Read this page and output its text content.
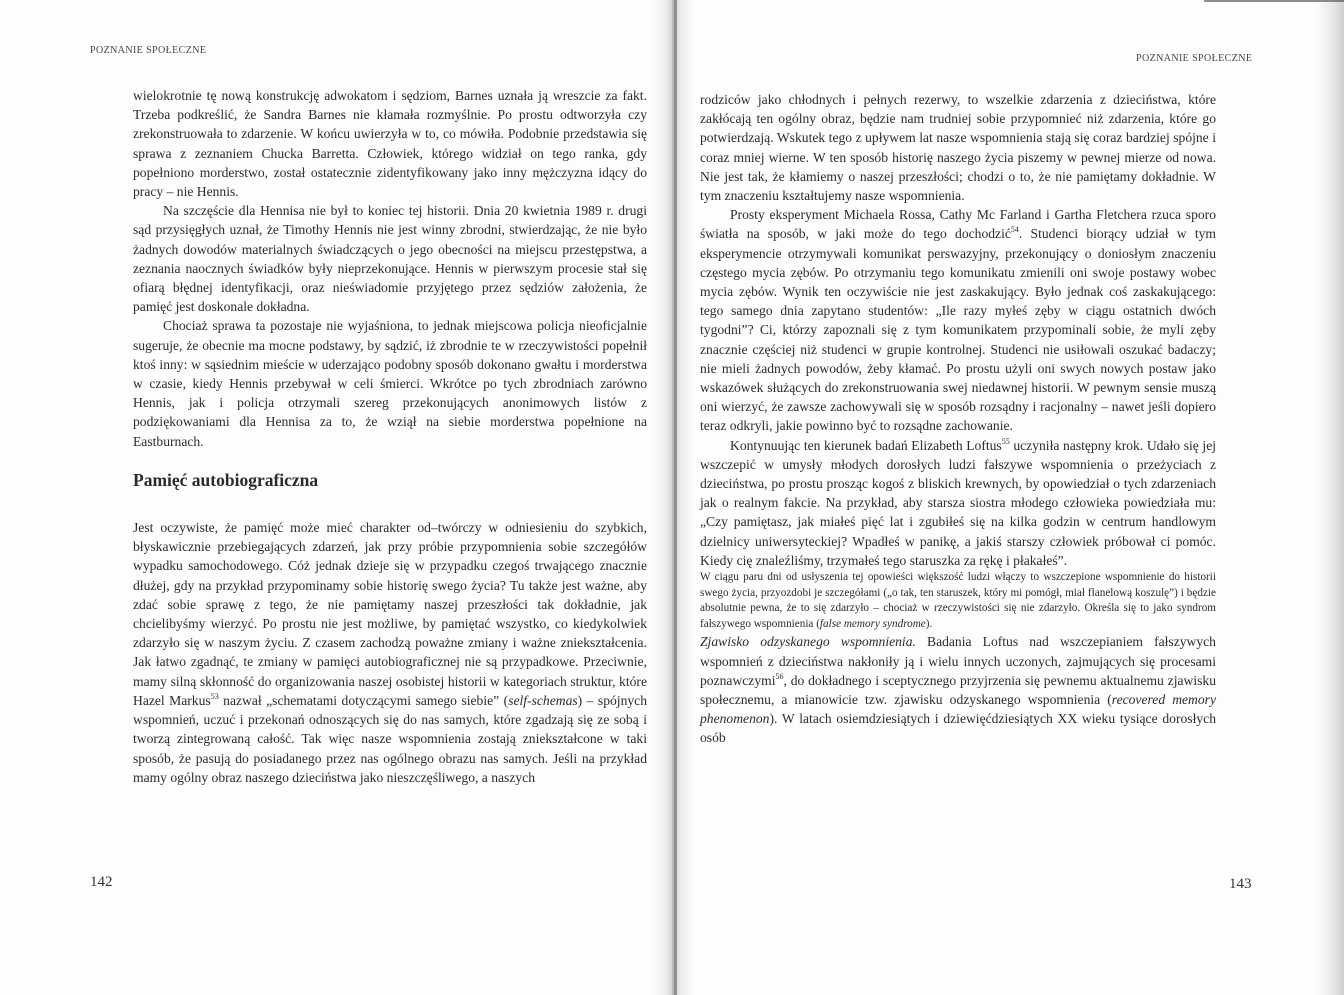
POZNANIE SPOŁECZNE

wielokrotnie tę nową konstrukcję adwokatom i sędziom, Barnes uznała ją wreszcie za fakt. Trzeba podkreślić, że Sandra Barnes nie kłamała rozmyślnie. Po prostu odtworzyła czy zrekonstruowała to zdarzenie. W końcu uwierzyła w to, co mówiła. Podobnie przedstawia się sprawa z zeznaniem Chucka Barretta. Człowiek, którego widział on tego ranka, gdy popełniono morderstwo, został ostatecznie zidentyfikowany jako inny mężczyzna idący do pracy – nie Hennis.

Na szczęście dla Hennisa nie był to koniec tej historii. Dnia 20 kwietnia 1989 r. drugi sąd przysięgłych uznał, że Timothy Hennis nie jest winny zbrodni, stwierdzając, że nie było żadnych dowodów materialnych świadczących o jego obecności na miejscu przestępstwa, a zeznania naocznych świadków były nieprzekonujące. Hennis w pierwszym procesie stał się ofiarą błędnej identyfikacji, oraz nieświadomie przyjętego przez sędziów założenia, że pamięć jest doskonale dokładna.

Chociaż sprawa ta pozostaje nie wyjaśniona, to jednak miejscowa policja nieoficjalnie sugeruje, że obecnie ma mocne podstawy, by sądzić, iż zbrodnie te w rzeczywistości popełnił ktoś inny: w sąsiednim mieście w uderzająco podobny sposób dokonano gwałtu i morderstwa w czasie, kiedy Hennis przebywał w celi śmierci. Wkrótce po tych zbrodniach zarówno Hennis, jak i policja otrzymali szereg przekonujących anonimowych listów z podziękowaniami dla Hennisa za to, że wziął na siebie morderstwa popełnione na Eastburnach.

Pamięć autobiograficzna

Jest oczywiste, że pamięć może mieć charakter od–twórczy w odniesieniu do szybkich, błyskawicznie przebiegających zdarzeń, jak przy próbie przypomnienia sobie szczegółów wypadku samochodowego. Cóż jednak dzieje się w przypadku czegoś trwającego znacznie dłużej, gdy na przykład przypominamy sobie historię swego życia? Tu także jest ważne, aby zdać sobie sprawę z tego, że nie pamiętamy naszej przeszłości tak dokładnie, jak chcielibyśmy wierzyć. Po prostu nie jest możliwe, by pamiętać wszystko, co kiedykolwiek zdarzyło się w naszym życiu. Z czasem zachodzą poważne zmiany i ważne zniekształcenia. Jak łatwo zgadnąć, te zmiany w pamięci autobiograficznej nie są przypadkowe. Przeciwnie, mamy silną skłonność do organizowania naszej osobistej historii w kategoriach struktur, które Hazel Markus$^{53}$ nazwał „schematami dotyczącymi samego siebie” (self-schemas) – spójnych wspomnień, uczuć i przekonań odnoszących się do nas samych, które zgadzają się ze sobą i tworzą zintegrowaną całość. Tak więc nasze wspomnienia zostają zniekształcone w taki sposób, że pasują do posiadanego przez nas ogólnego obrazu nas samych. Jeśli na przykład mamy ogólny obraz naszego dzieciństwa jako nieszczęśliwego, a naszych

142
POZNANIE SPOŁECZNE

rodziców jako chłodnych i pełnych rezerwy, to wszelkie zdarzenia z dzieciństwa, które zakłócają ten ogólny obraz, będzie nam trudniej sobie przypomnieć niż zdarzenia, które go potwierdzają. Wskutek tego z upływem lat nasze wspomnienia stają się coraz bardziej spójne i coraz mniej wierne. W ten sposób historię naszego życia piszemy w pewnej mierze od nowa. Nie jest tak, że kłamiemy o naszej przeszłości; chodzi o to, że nie pamiętamy dokładnie. W tym znaczeniu kształtujemy nasze wspomnienia.

Prosty eksperyment Michaela Rossa, Cathy Mc Farland i Gartha Fletchera rzuca sporo światła na sposób, w jaki może do tego dochodzić$^{54}$. Studenci biorący udział w tym eksperymencie otrzymywali komunikat perswazyjny, przekonujący o doniosłym znaczeniu częstego mycia zębów. Po otrzymaniu tego komunikatu zmienili oni swoje postawy wobec mycia zębów. Wynik ten oczywiście nie jest zaskakujący. Było jednak coś zaskakującego: tego samego dnia zapytano studentów: „Ile razy myłeś zęby w ciągu ostatnich dwóch tygodni”? Ci, którzy zapoznali się z tym komunikatem przypominali sobie, że myli zęby znacznie częściej niż studenci w grupie kontrolnej. Studenci nie usiłowali oszukać badaczy; nie mieli żadnych powodów, żeby kłamać. Po prostu użyli oni swych nowych postaw jako wskazówek służących do zrekonstruowania swej niedawnej historii. W pewnym sensie muszą oni wierzyć, że zawsze zachowywali się w sposób rozsądny i racjonalny – nawet jeśli dopiero teraz odkryli, jakie powinno być to rozsądne zachowanie.

Kontynuując ten kierunek badań Elizabeth Loftus$^{55}$ uczyniła następny krok. Udało się jej wszczepić w umysły młodych dorosłych ludzi fałszywe wspomnienia o przeżyciach z dzieciństwa, po prostu prosząc kogoś z bliskich krewnych, by opowiedział o tych zdarzeniach jak o realnym fakcie. Na przykład, aby starsza siostra młodego człowieka powiedziała mu: „Czy pamiętasz, jak miałeś pięć lat i zgubiłeś się na kilka godzin w centrum handlowym dzielnicy uniwersyteckiej? Wpadłeś w panikę, a jakiś starszy człowiek próbował ci pomóc. Kiedy cię znaleźliśmy, trzymałeś tego staruszka za rękę i płakałeś”.

W ciągu paru dni od usłyszenia tej opowieści większość ludzi włączy to wszczepione wspomnienie do historii swego życia, przyozdobi je szczegółami („o tak, ten staruszek, który mi pomógł, miał flanelową koszulę”) i będzie absolutnie pewna, że to się zdarzyło – chociaż w rzeczywistości się nie zdarzyło. Określa się to jako syndrom fałszywego wspomnienia (false memory syndrome).

Zjawisko odzyskanego wspomnienia. Badania Loftus nad wszczepianiem fałszywych wspomnień z dzieciństwa nakłoniły ją i wielu innych uczonych, zajmujących się procesami poznawczymi$^{56}$, do dokładnego i sceptycznego przyjrzenia się pewnemu aktualnemu zjawisku społecznemu, a mianowicie tzw. zjawisku odzyskanego wspomnienia (recovered memory phenomenon). W latach osiemdziesiątych i dziewięćdziesiątych XX wieku tysiące dorosłych osób

143
